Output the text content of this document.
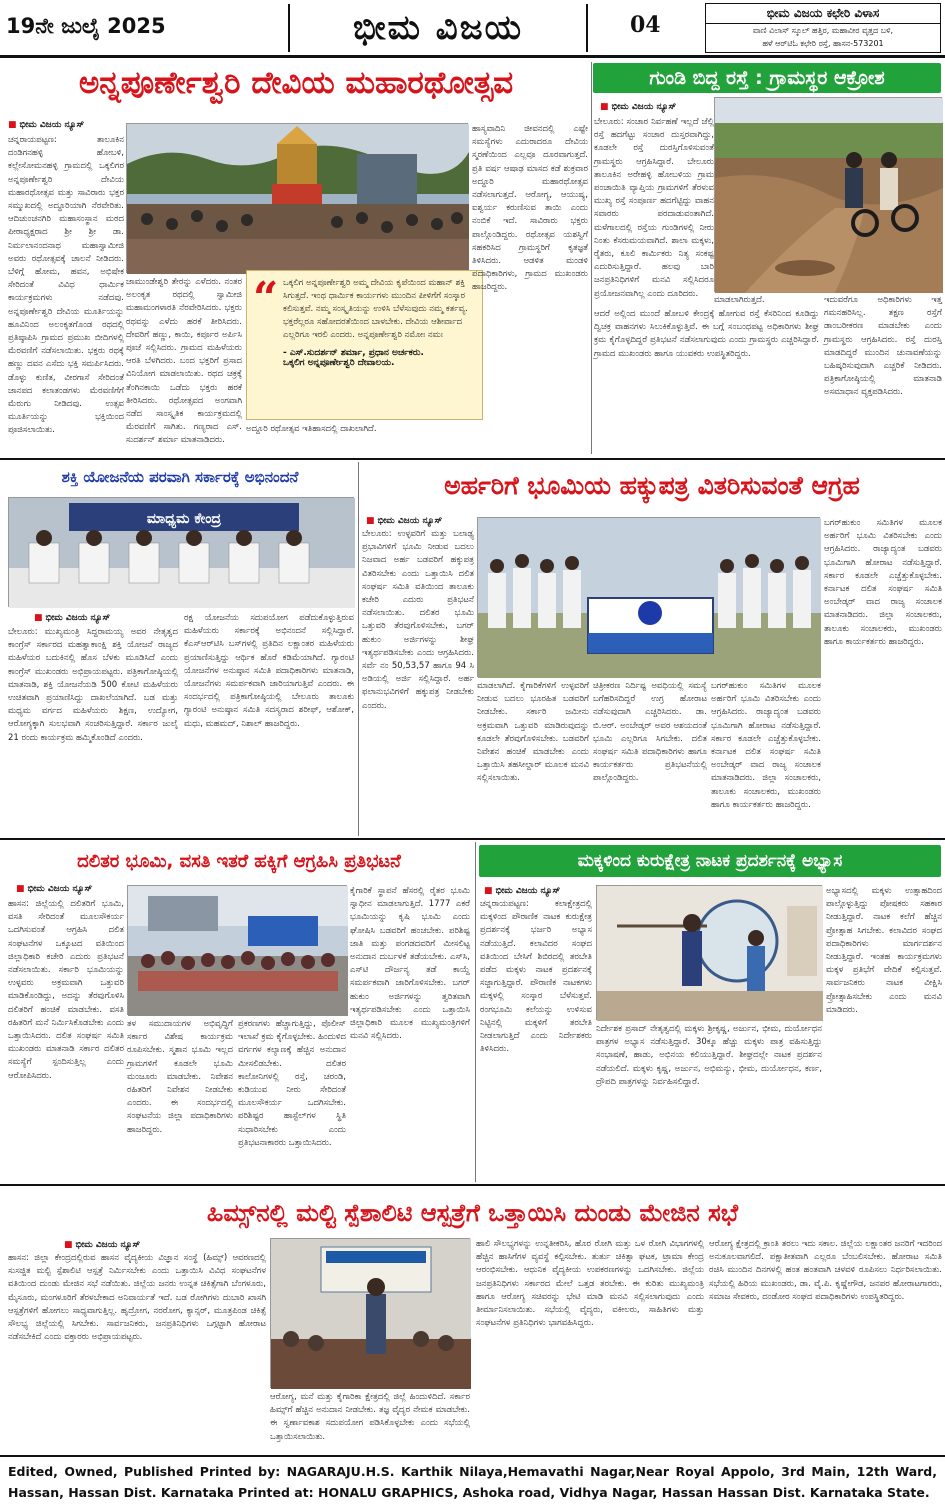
19ನೇ ಜುಲೈ 2025	ಭೀಮ ವಿಜಯ	04	ಭೀಮ ವಿಜಯ ಕಛೇರಿ ವಿಳಾಸ
ವಾಣಿ ವಿಲಾಸ್ ಸ್ಕೂಲ್ ಹತ್ತಿರ, ಮಹಾವೀರ ವೃತ್ತದ ಬಳಿ,
ಹಳೆ ಆರ್‌ಟಿಓ ಕಛೇರಿ ರಸ್ತೆ, ಹಾಸನ-573201
ಅನ್ನಪೂರ್ಣೇಶ್ವರಿ ದೇವಿಯ ಮಹಾರಥೋತ್ಸವ
■ ಭೀಮ ವಿಜಯ ನ್ಯೂಸ್
ಚನ್ನರಾಯಪಟ್ಟಣ: ತಾಲೂಕಿನ ದಂಡಿಗನಹಳ್ಳಿ ಹೋಬಳಿ, ಕಲ್ಲೇಸೋಮನಹಳ್ಳಿ ಗ್ರಾಮದಲ್ಲಿ ಒಕ್ಕಲಿಗರ ಅನ್ನಪೂರ್ಣೇಶ್ವರಿ ದೇವಿಯ ಮಹಾರಥೋತ್ಸವ ಮತ್ತು ಸಾವಿರಾರು ಭಕ್ತರ ಸಮ್ಮುಖದಲ್ಲಿ ಅದ್ಧೂರಿಯಾಗಿ ನೆರವೇರಿತು. ಆದಿಚುಂಚನಗಿರಿ ಮಹಾಸಂಸ್ಥಾನ ಮಠದ ಪೀಠಾಧ್ಯಕ್ಷರಾದ ಶ್ರೀ ಶ್ರೀ ಡಾ. ನಿರ್ಮಲಾನಂದನಾಥ ಮಹಾಸ್ವಾಮೀಜಿ ಅವರು ರಥೋತ್ಸವಕ್ಕೆ ಚಾಲನೆ ನೀಡಿದರು. ಬೆಳಿಗ್ಗೆ ಹೋಮ, ಹವನ, ಅಭಿಷೇಕ ಸೇರಿದಂತೆ ವಿವಿಧ ಧಾರ್ಮಿಕ ಕಾರ್ಯಕ್ರಮಗಳು ನಡೆದವು. ಅನ್ನಪೂರ್ಣೇಶ್ವರಿ ದೇವಿಯ ಮೂರ್ತಿಯನ್ನು ಹೂವಿನಿಂದ ಅಲಂಕೃತಗೊಂಡ ರಥದಲ್ಲಿ ಪ್ರತಿಷ್ಠಾಪಿಸಿ ಗ್ರಾಮದ ಪ್ರಮುಖ ಬೀದಿಗಳಲ್ಲಿ ಮೆರವಣಿಗೆ ನಡೆಸಲಾಯಿತು. ಭಕ್ತರು ರಥಕ್ಕೆ ಹಣ್ಣು ದವನ ಎಸೆದು ಭಕ್ತಿ ಸಮರ್ಪಿಸಿದರು. ಡೊಳ್ಳು ಕುಣಿತ, ವೀರಗಾಸೆ ಸೇರಿದಂತೆ ಜಾನಪದ ಕಲಾತಂಡಗಳು ಮೆರವಣಿಗೆಗೆ ಮೆರುಗು ನೀಡಿದವು. ಉತ್ಸವ ಮೂರ್ತಿಯನ್ನು ಭಕ್ತಿಯಿಂದ ಪೂಜಿಸಲಾಯಿತು.
ಜಾಮುಂಡೇಶ್ವರಿ ತೇರನ್ನು ಎಳೆದರು. ನಂತರ ಅಲಂಕೃತ ರಥದಲ್ಲಿ ಸ್ವಾಮೀಜಿ ಮಹಾಮಂಗಳಾರತಿ ನೆರವೇರಿಸಿದರು. ಭಕ್ತರು ರಥವನ್ನು ಎಳೆದು ಹರಕೆ ತೀರಿಸಿದರು. ದೇವರಿಗೆ ಹಣ್ಣು, ಕಾಯಿ, ಕರ್ಪೂರ ಅರ್ಪಿಸಿ ಪೂಜೆ ಸಲ್ಲಿಸಿದರು. ಗ್ರಾಮದ ಮಹಿಳೆಯರು ಆರತಿ ಬೆಳಗಿದರು. ಬಂದ ಭಕ್ತರಿಗೆ ಪ್ರಸಾದ ವಿನಿಯೋಗ ಮಾಡಲಾಯಿತು. ರಥದ ಚಕ್ರಕ್ಕೆ ತೆಂಗಿನಕಾಯಿ ಒಡೆದು ಭಕ್ತರು ಹರಕೆ ತೀರಿಸಿದರು. ರಥೋತ್ಸವದ ಅಂಗವಾಗಿ ನಡೆದ ಸಾಂಸ್ಕೃತಿಕ ಕಾರ್ಯಕ್ರಮದಲ್ಲಿ ಮೆರವಣಿಗೆ ಸಾಗಿತು. ಗಣ್ಯರಾದ ಎಸ್. ಸುದರ್ಶನ್ ಶರ್ಮಾ ಮಾತನಾಡಿದರು.
“ ಒಕ್ಕಲಿಗ ಅನ್ನಪೂರ್ಣೇಶ್ವರಿ ಅಮ್ಮ ದೇವಿಯ ಕೃಪೆಯಿಂದ ಮಹಾನ್ ಶಕ್ತಿ ಸಿಗುತ್ತದೆ. ಇಂಥ ಧಾರ್ಮಿಕ ಕಾರ್ಯಗಳು ಮುಂದಿನ ಪೀಳಿಗೆಗೆ ಸಂಸ್ಕಾರ ಕಲಿಸುತ್ತವೆ. ನಮ್ಮ ಸಂಸ್ಕೃತಿಯನ್ನು ಉಳಿಸಿ ಬೆಳೆಸುವುದು ನಮ್ಮ ಕರ್ತವ್ಯ. ಭಕ್ತರೆಲ್ಲರೂ ಸಹೋದರತೆಯಿಂದ ಬಾಳಬೇಕು. ದೇವಿಯ ಆಶೀರ್ವಾದ ಎಲ್ಲರಿಗೂ ಇರಲಿ ಎಂದರು. ಅನ್ನಪೂರ್ಣೇಶ್ವರಿ ನಮೋಃ ನಮಃ
- ಎಸ್.ಸುದರ್ಶನ್ ಶರ್ಮಾ, ಪ್ರಧಾನ ಅರ್ಚಕರು.
ಒಕ್ಕಲಿಗ ಅನ್ನಪೂರ್ಣೇಶ್ವರಿ ದೇವಾಲಯ.
ಅದ್ದೂರಿ ರಥೋತ್ಸವ ಇತಿಹಾಸದಲ್ಲಿ ದಾಖಲಾಗಿದೆ.
ಹಾಸ್ಯವಾದಿನಿ ಜೀವನದಲ್ಲಿ ಎಷ್ಟೇ ಸಮಸ್ಯೆಗಳು ಎದುರಾದರೂ ದೇವಿಯ ಸ್ಮರಣೆಯಿಂದ ಎಲ್ಲವೂ ದೂರವಾಗುತ್ತದೆ. ಪ್ರತಿ ವರ್ಷ ಆಷಾಢ ಮಾಸದ ಕಡೆ ಶುಕ್ರವಾರ ಅದ್ಧೂರಿ ಮಹಾರಥೋತ್ಸವ ನಡೆಸಲಾಗುತ್ತದೆ. ಆರೋಗ್ಯ, ಆಯುಷ್ಯ, ಐಶ್ವರ್ಯ ಕರುಣಿಸುವ ತಾಯಿ ಎಂದು ನಂಬಿಕೆ ಇದೆ. ಸಾವಿರಾರು ಭಕ್ತರು ಪಾಲ್ಗೊಂಡಿದ್ದರು. ರಥೋತ್ಸವ ಯಶಸ್ವಿಗೆ ಸಹಕರಿಸಿದ ಗ್ರಾಮಸ್ಥರಿಗೆ ಕೃತಜ್ಞತೆ ತಿಳಿಸಿದರು. ಆಡಳಿತ ಮಂಡಳಿ ಪದಾಧಿಕಾರಿಗಳು, ಗ್ರಾಮದ ಮುಖಂಡರು ಹಾಜರಿದ್ದರು.
ಗುಂಡಿ ಬಿದ್ದ ರಸ್ತೆ : ಗ್ರಾಮಸ್ಥರ ಆಕ್ರೋಶ
■ ಭೀಮ ವಿಜಯ ನ್ಯೂಸ್
ಬೇಲೂರು: ಸಂಚಾರ ನಿರ್ವಹಣೆ ಇಲ್ಲದೆ ಜೆಲ್ಲಿ ರಸ್ತೆ ಹದಗೆಟ್ಟು ಸಂಚಾರ ದುಸ್ತರವಾಗಿದ್ದು, ಕೂಡಲೇ ರಸ್ತೆ ದುರಸ್ತಿಗೊಳಿಸುವಂತೆ ಗ್ರಾಮಸ್ಥರು ಆಗ್ರಹಿಸಿದ್ದಾರೆ. ಬೇಲೂರು ತಾಲೂಕಿನ ಅರೇಹಳ್ಳಿ ಹೋಬಳಿಯ ಗ್ರಾಮ ಪಂಚಾಯಿತಿ ವ್ಯಾಪ್ತಿಯ ಗ್ರಾಮಗಳಿಗೆ ತೆರಳುವ ಮುಖ್ಯ ರಸ್ತೆ ಸಂಪೂರ್ಣ ಹದಗೆಟ್ಟಿದ್ದು ವಾಹನ ಸವಾರರು ಪರದಾಡುವಂತಾಗಿದೆ. ಮಳೆಗಾಲದಲ್ಲಿ ರಸ್ತೆಯ ಗುಂಡಿಗಳಲ್ಲಿ ನೀರು ನಿಂತು ಕೆಸರುಮಯವಾಗಿದೆ. ಶಾಲಾ ಮಕ್ಕಳು, ರೈತರು, ಕೂಲಿ ಕಾರ್ಮಿಕರು ನಿತ್ಯ ಸಂಕಷ್ಟ ಎದುರಿಸುತ್ತಿದ್ದಾರೆ. ಹಲವು ಬಾರಿ ಜನಪ್ರತಿನಿಧಿಗಳಿಗೆ ಮನವಿ ಸಲ್ಲಿಸಿದರೂ ಪ್ರಯೋಜನವಾಗಿಲ್ಲ ಎಂದು ದೂರಿದರು.
ಮಾಡಲಾಗಿರುತ್ತದೆ.
ಆದರೆ ಅಲ್ಲಿಂದ ಮುಂದೆ ಹೋಬಳಿ ಕೇಂದ್ರಕ್ಕೆ ಹೋಗುವ ರಸ್ತೆ ಕೆಸರಿನಿಂದ ಕೂಡಿದ್ದು ದ್ವಿಚಕ್ರ ವಾಹನಗಳು ಸಿಲುಕಿಕೊಳ್ಳುತ್ತಿವೆ. ಈ ಬಗ್ಗೆ ಸಂಬಂಧಪಟ್ಟ ಅಧಿಕಾರಿಗಳು ಶೀಘ್ರ ಕ್ರಮ ಕೈಗೊಳ್ಳದಿದ್ದರೆ ಪ್ರತಿಭಟನೆ ನಡೆಸಲಾಗುವುದು ಎಂದು ಗ್ರಾಮಸ್ಥರು ಎಚ್ಚರಿಸಿದ್ದಾರೆ. ಗ್ರಾಮದ ಮುಖಂಡರು ಹಾಗೂ ಯುವಕರು ಉಪಸ್ಥಿತರಿದ್ದರು.
ಇದುವರೆಗೂ ಅಧಿಕಾರಿಗಳು ಇತ್ತ ಗಮನಹರಿಸಿಲ್ಲ. ತಕ್ಷಣ ರಸ್ತೆಗೆ ಡಾಂಬರೀಕರಣ ಮಾಡಬೇಕು ಎಂದು ಗ್ರಾಮಸ್ಥರು ಆಗ್ರಹಿಸಿದರು. ರಸ್ತೆ ದುರಸ್ತಿ ಮಾಡದಿದ್ದರೆ ಮುಂದಿನ ಚುನಾವಣೆಯನ್ನು ಬಹಿಷ್ಕರಿಸುವುದಾಗಿ ಎಚ್ಚರಿಕೆ ನೀಡಿದರು. ಪತ್ರಿಕಾಗೋಷ್ಠಿಯಲ್ಲಿ ಮಾತನಾಡಿ ಅಸಮಾಧಾನ ವ್ಯಕ್ತಪಡಿಸಿದರು.
ಶಕ್ತಿ ಯೋಜನೆಯ ಪರವಾಗಿ ಸರ್ಕಾರಕ್ಕೆ ಅಭಿನಂದನೆ
ಮಾಧ್ಯಮ ಕೇಂದ್ರ
■ ಭೀಮ ವಿಜಯ ನ್ಯೂಸ್
ಬೇಲೂರು: ಮುಖ್ಯಮಂತ್ರಿ ಸಿದ್ದರಾಮಯ್ಯ ಅವರ ನೇತೃತ್ವದ ಕಾಂಗ್ರೆಸ್ ಸರ್ಕಾರದ ಮಹತ್ವಾಕಾಂಕ್ಷಿ ಶಕ್ತಿ ಯೋಜನೆ ರಾಜ್ಯದ ಮಹಿಳೆಯರ ಬದುಕಿನಲ್ಲಿ ಹೊಸ ಬೆಳಕು ಮೂಡಿಸಿದೆ ಎಂದು ಕಾಂಗ್ರೆಸ್ ಮುಖಂಡರು ಅಭಿಪ್ರಾಯಪಟ್ಟರು. ಪತ್ರಿಕಾಗೋಷ್ಠಿಯಲ್ಲಿ ಮಾತನಾಡಿ, ಶಕ್ತಿ ಯೋಜನೆಯಡಿ 500 ಕೋಟಿ ಮಹಿಳೆಯರು ಉಚಿತವಾಗಿ ಪ್ರಯಾಣಿಸಿದ್ದು ದಾಖಲೆಯಾಗಿದೆ. ಬಡ ಮತ್ತು ಮಧ್ಯಮ ವರ್ಗದ ಮಹಿಳೆಯರು ಶಿಕ್ಷಣ, ಉದ್ಯೋಗ, ಆರೋಗ್ಯಕ್ಕಾಗಿ ಸುಲಭವಾಗಿ ಸಂಚರಿಸುತ್ತಿದ್ದಾರೆ. ಸರ್ಕಾರ ಜುಲೈ 21 ರಂದು ಕಾರ್ಯಕ್ರಮ ಹಮ್ಮಿಕೊಂಡಿದೆ ಎಂದರು.
ರಕ್ಷ ಯೋಜನೆಯ ಸದುಪಯೋಗ ಪಡೆದುಕೊಳ್ಳುತ್ತಿರುವ ಮಹಿಳೆಯರು ಸರ್ಕಾರಕ್ಕೆ ಅಭಿನಂದನೆ ಸಲ್ಲಿಸಿದ್ದಾರೆ. ಕೆಎಸ್‌ಆರ್‌ಟಿಸಿ ಬಸ್‌ಗಳಲ್ಲಿ ಪ್ರತಿದಿನ ಲಕ್ಷಾಂತರ ಮಹಿಳೆಯರು ಪ್ರಯಾಣಿಸುತ್ತಿದ್ದು ಆರ್ಥಿಕ ಹೊರೆ ಕಡಿಮೆಯಾಗಿದೆ. ಗ್ಯಾರಂಟಿ ಯೋಜನೆಗಳ ಅನುಷ್ಠಾನ ಸಮಿತಿ ಪದಾಧಿಕಾರಿಗಳು ಮಾತನಾಡಿ, ಯೋಜನೆಗಳು ಸಮರ್ಪಕವಾಗಿ ಜಾರಿಯಾಗುತ್ತಿವೆ ಎಂದರು. ಈ ಸಂದರ್ಭದಲ್ಲಿ ಪತ್ರಿಕಾಗೋಷ್ಠಿಯಲ್ಲಿ ಬೇಲೂರು ತಾಲೂಕು ಗ್ಯಾರಂಟಿ ಅನುಷ್ಠಾನ ಸಮಿತಿ ಸದಸ್ಯರಾದ ಶರೀಫ್, ಆಶೋಕ್, ಮಧು, ಮಹಮದ್, ನಿಶಾಲ್ ಹಾಜರಿದ್ದರು.
ಅರ್ಹರಿಗೆ ಭೂಮಿಯ ಹಕ್ಕುಪತ್ರ ವಿತರಿಸುವಂತೆ ಆಗ್ರಹ
■ ಭೀಮ ವಿಜಯ ನ್ಯೂಸ್
ಬೇಲೂರು: ಉಳ್ಳವರಿಗೆ ಮತ್ತು ಬಲಾಢ್ಯ ಪ್ರಭಾವಿಗಳಿಗೆ ಭೂಮಿ ನೀಡುವ ಬದಲು ನಿಜವಾದ ಅರ್ಹ ಬಡವರಿಗೆ ಹಕ್ಕುಪತ್ರ ವಿತರಿಸಬೇಕು ಎಂದು ಒತ್ತಾಯಿಸಿ ದಲಿತ ಸಂಘರ್ಷ ಸಮಿತಿ ವತಿಯಿಂದ ತಾಲೂಕು ಕಚೇರಿ ಎದುರು ಪ್ರತಿಭಟನೆ ನಡೆಸಲಾಯಿತು. ದಲಿತರ ಭೂಮಿ ಒತ್ತುವರಿ ತೆರವುಗೊಳಿಸಬೇಕು, ಬಗರ್ ಹುಕುಂ ಅರ್ಜಿಗಳನ್ನು ಶೀಘ್ರ ಇತ್ಯರ್ಥಪಡಿಸಬೇಕು ಎಂದು ಆಗ್ರಹಿಸಿದರು. ಸರ್ವೆ ನಂ 50,53,57 ಹಾಗೂ 94 ಸಿ ಅಡಿಯಲ್ಲಿ ಅರ್ಜಿ ಸಲ್ಲಿಸಿದ್ದಾರೆ. ಅರ್ಹ ಫಲಾನುಭವಿಗಳಿಗೆ ಹಕ್ಕುಪತ್ರ ನೀಡಬೇಕು ಎಂದರು.
ಮಾಡಲಾಗಿದೆ. ಕೈಗಾರಿಕೆಗಳಿಗೆ ಉಳ್ಳವರಿಗೆ ನೀಡುವ ಬದಲು ಭೂರಹಿತ ಬಡವರಿಗೆ ನೀಡಬೇಕು. ಸರ್ಕಾರಿ ಜಮೀನು ಅಕ್ರಮವಾಗಿ ಒತ್ತುವರಿ ಮಾಡಿರುವುದನ್ನು ಕೂಡಲೇ ತೆರವುಗೊಳಿಸಬೇಕು. ಬಡವರಿಗೆ ನಿವೇಶನ ಹಂಚಿಕೆ ಮಾಡಬೇಕು ಎಂದು ಒತ್ತಾಯಿಸಿ ತಹಸೀಲ್ದಾರ್ ಮೂಲಕ ಮನವಿ ಸಲ್ಲಿಸಲಾಯಿತು.
ಚಿತ್ರೀಕರಣ ನಿರ್ದಿಷ್ಟ ಅವಧಿಯಲ್ಲಿ ಸಮಸ್ಯೆ ಬಗೆಹರಿಸದಿದ್ದರೆ ಉಗ್ರ ಹೋರಾಟ ನಡೆಸುವುದಾಗಿ ಎಚ್ಚರಿಸಿದರು. ಡಾ. ಬಿ.ಆರ್. ಅಂಬೇಡ್ಕರ್ ಅವರ ಆಶಯದಂತೆ ಭೂಮಿ ಎಲ್ಲರಿಗೂ ಸಿಗಬೇಕು. ದಲಿತ ಸಂಘರ್ಷ ಸಮಿತಿ ಪದಾಧಿಕಾರಿಗಳು ಹಾಗೂ ಕಾರ್ಯಕರ್ತರು ಪ್ರತಿಭಟನೆಯಲ್ಲಿ ಪಾಲ್ಗೊಂಡಿದ್ದರು.
ಬಗರ್‌ಹುಕುಂ ಸಮಿತಿಗಳ ಮೂಲಕ ಅರ್ಹರಿಗೆ ಭೂಮಿ ವಿತರಿಸಬೇಕು ಎಂದು ಆಗ್ರಹಿಸಿದರು. ರಾಜ್ಯಾದ್ಯಂತ ಬಡವರು ಭೂಮಿಗಾಗಿ ಹೋರಾಟ ನಡೆಸುತ್ತಿದ್ದಾರೆ. ಸರ್ಕಾರ ಕೂಡಲೇ ಎಚ್ಚೆತ್ತುಕೊಳ್ಳಬೇಕು. ಕರ್ನಾಟಕ ದಲಿತ ಸಂಘರ್ಷ ಸಮಿತಿ ಅಂಬೇಡ್ಕರ್ ವಾದ ರಾಜ್ಯ ಸಂಚಾಲಕ ಮಾತನಾಡಿದರು. ಜಿಲ್ಲಾ ಸಂಚಾಲಕರು, ತಾಲೂಕು ಸಂಚಾಲಕರು, ಮುಖಂಡರು ಹಾಗೂ ಕಾರ್ಯಕರ್ತರು ಹಾಜರಿದ್ದರು.
ಬಗರ್‌ಹುಕುಂ ಸಮಿತಿಗಳ ಮೂಲಕ ಅರ್ಹರಿಗೆ ಭೂಮಿ ವಿತರಿಸಬೇಕು ಎಂದು ಆಗ್ರಹಿಸಿದರು. ರಾಜ್ಯಾದ್ಯಂತ ಬಡವರು ಭೂಮಿಗಾಗಿ ಹೋರಾಟ ನಡೆಸುತ್ತಿದ್ದಾರೆ. ಸರ್ಕಾರ ಕೂಡಲೇ ಎಚ್ಚೆತ್ತುಕೊಳ್ಳಬೇಕು. ಕರ್ನಾಟಕ ದಲಿತ ಸಂಘರ್ಷ ಸಮಿತಿ ಅಂಬೇಡ್ಕರ್ ವಾದ ರಾಜ್ಯ ಸಂಚಾಲಕ ಮಾತನಾಡಿದರು. ಜಿಲ್ಲಾ ಸಂಚಾಲಕರು, ತಾಲೂಕು ಸಂಚಾಲಕರು, ಮುಖಂಡರು ಹಾಗೂ ಕಾರ್ಯಕರ್ತರು ಹಾಜರಿದ್ದರು.
ದಲಿತರ ಭೂಮಿ, ವಸತಿ ಇತರೆ ಹಕ್ಕಿಗೆ ಆಗ್ರಹಿಸಿ ಪ್ರತಿಭಟನೆ
■ ಭೀಮ ವಿಜಯ ನ್ಯೂಸ್
ಹಾಸನ: ಜಿಲ್ಲೆಯಲ್ಲಿ ದಲಿತರಿಗೆ ಭೂಮಿ, ವಸತಿ ಸೇರಿದಂತೆ ಮೂಲಸೌಕರ್ಯ ಒದಗಿಸುವಂತೆ ಆಗ್ರಹಿಸಿ ದಲಿತ ಸಂಘಟನೆಗಳ ಒಕ್ಕೂಟದ ವತಿಯಿಂದ ಜಿಲ್ಲಾಧಿಕಾರಿ ಕಚೇರಿ ಎದುರು ಪ್ರತಿಭಟನೆ ನಡೆಸಲಾಯಿತು. ಸರ್ಕಾರಿ ಭೂಮಿಯನ್ನು ಉಳ್ಳವರು ಅಕ್ರಮವಾಗಿ ಒತ್ತುವರಿ ಮಾಡಿಕೊಂಡಿದ್ದು, ಅದನ್ನು ತೆರವುಗೊಳಿಸಿ ದಲಿತರಿಗೆ ಹಂಚಿಕೆ ಮಾಡಬೇಕು. ವಸತಿ ರಹಿತರಿಗೆ ಮನೆ ನಿರ್ಮಿಸಿಕೊಡಬೇಕು ಎಂದು ಒತ್ತಾಯಿಸಿದರು. ದಲಿತ ಸಂಘರ್ಷ ಸಮಿತಿ ಮುಖಂಡರು ಮಾತನಾಡಿ ಸರ್ಕಾರ ದಲಿತರ ಸಮಸ್ಯೆಗೆ ಸ್ಪಂದಿಸುತ್ತಿಲ್ಲ ಎಂದು ಆರೋಪಿಸಿದರು.
ಕೈಗಾರಿಕೆ ಸ್ಥಾಪನೆ ಹೆಸರಲ್ಲಿ ರೈತರ ಭೂಮಿ ಸ್ವಾಧೀನ ಮಾಡಲಾಗುತ್ತಿದೆ. 1777 ಎಕರೆ ಭೂಮಿಯನ್ನು ಕೃಷಿ ಭೂಮಿ ಎಂದು ಘೋಷಿಸಿ ಬಡವರಿಗೆ ಹಂಚಬೇಕು. ಪರಿಶಿಷ್ಟ ಜಾತಿ ಮತ್ತು ಪಂಗಡದವರಿಗೆ ಮೀಸಲಿಟ್ಟ ಅನುದಾನ ದುರ್ಬಳಕೆ ತಡೆಯಬೇಕು. ಎಸ್‌ಸಿ, ಎಸ್‌ಟಿ ದೌರ್ಜನ್ಯ ತಡೆ ಕಾಯ್ದೆ ಸಮರ್ಪಕವಾಗಿ ಜಾರಿಗೊಳಿಸಬೇಕು. ಬಗರ್ ಹುಕುಂ ಅರ್ಜಿಗಳನ್ನು ತ್ವರಿತವಾಗಿ ಇತ್ಯರ್ಥಪಡಿಸಬೇಕು ಎಂದು ಒತ್ತಾಯಿಸಿ ಜಿಲ್ಲಾಧಿಕಾರಿ ಮೂಲಕ ಮುಖ್ಯಮಂತ್ರಿಗಳಿಗೆ ಮನವಿ ಸಲ್ಲಿಸಿದರು.
ತಳ ಸಮುದಾಯಗಳ ಅಭಿವೃದ್ಧಿಗೆ ಸರ್ಕಾರ ವಿಶೇಷ ಕಾರ್ಯಕ್ರಮ ರೂಪಿಸಬೇಕು. ಸ್ಮಶಾನ ಭೂಮಿ ಇಲ್ಲದ ಗ್ರಾಮಗಳಿಗೆ ಕೂಡಲೇ ಭೂಮಿ ಮಂಜೂರು ಮಾಡಬೇಕು. ನಿವೇಶನ ರಹಿತರಿಗೆ ನಿವೇಶನ ನೀಡಬೇಕು ಎಂದರು. ಈ ಸಂದರ್ಭದಲ್ಲಿ ಸಂಘಟನೆಯ ಜಿಲ್ಲಾ ಪದಾಧಿಕಾರಿಗಳು ಹಾಜರಿದ್ದರು.
ಪ್ರಕರಣಗಳು ಹೆಚ್ಚಾಗುತ್ತಿದ್ದು, ಪೊಲೀಸ್ ಇಲಾಖೆ ಕ್ರಮ ಕೈಗೊಳ್ಳಬೇಕು. ಹಿಂದುಳಿದ ವರ್ಗಗಳ ಕಲ್ಯಾಣಕ್ಕೆ ಹೆಚ್ಚಿನ ಅನುದಾನ ಮೀಸಲಿಡಬೇಕು. ದಲಿತರ ಕಾಲೋನಿಗಳಲ್ಲಿ ರಸ್ತೆ, ಚರಂಡಿ, ಕುಡಿಯುವ ನೀರು ಸೇರಿದಂತೆ ಮೂಲಸೌಕರ್ಯ ಒದಗಿಸಬೇಕು. ಪರಿಶಿಷ್ಟರ ಹಾಸ್ಟೆಲ್‌ಗಳ ಸ್ಥಿತಿ ಸುಧಾರಿಸಬೇಕು ಎಂದು ಪ್ರತಿಭಟನಾಕಾರರು ಒತ್ತಾಯಿಸಿದರು.
ಮಕ್ಕಳಿಂದ ಕುರುಕ್ಷೇತ್ರ ನಾಟಕ ಪ್ರದರ್ಶನಕ್ಕೆ ಅಭ್ಯಾಸ
■ ಭೀಮ ವಿಜಯ ನ್ಯೂಸ್
ಚನ್ನರಾಯಪಟ್ಟಣ: ಕಲಾಕ್ಷೇತ್ರದಲ್ಲಿ ಮಕ್ಕಳಿಂದ ಪೌರಾಣಿಕ ನಾಟಕ ಕುರುಕ್ಷೇತ್ರ ಪ್ರದರ್ಶನಕ್ಕೆ ಭರ್ಜರಿ ಅಭ್ಯಾಸ ನಡೆಯುತ್ತಿದೆ. ಕಲಾವಿದರ ಸಂಘದ ವತಿಯಿಂದ ಬೇಸಿಗೆ ಶಿಬಿರದಲ್ಲಿ ತರಬೇತಿ ಪಡೆದ ಮಕ್ಕಳು ನಾಟಕ ಪ್ರದರ್ಶನಕ್ಕೆ ಸಜ್ಜಾಗುತ್ತಿದ್ದಾರೆ. ಪೌರಾಣಿಕ ನಾಟಕಗಳು ಮಕ್ಕಳಲ್ಲಿ ಸಂಸ್ಕಾರ ಬೆಳೆಸುತ್ತವೆ. ರಂಗಭೂಮಿ ಕಲೆಯನ್ನು ಉಳಿಸುವ ನಿಟ್ಟಿನಲ್ಲಿ ಮಕ್ಕಳಿಗೆ ತರಬೇತಿ ನೀಡಲಾಗುತ್ತಿದೆ ಎಂದು ನಿರ್ದೇಶಕರು ತಿಳಿಸಿದರು.
ನಿರ್ದೇಶಕ ಪ್ರಸಾದ್ ನೇತೃತ್ವದಲ್ಲಿ ಮಕ್ಕಳು ಶ್ರೀಕೃಷ್ಣ, ಅರ್ಜುನ, ಭೀಮ, ದುರ್ಯೋಧನ ಪಾತ್ರಗಳ ಅಭ್ಯಾಸ ನಡೆಸುತ್ತಿದ್ದಾರೆ. 30ಕ್ಕೂ ಹೆಚ್ಚು ಮಕ್ಕಳು ಪಾತ್ರ ವಹಿಸುತ್ತಿದ್ದು ಸಂಭಾಷಣೆ, ಹಾಡು, ಅಭಿನಯ ಕಲಿಯುತ್ತಿದ್ದಾರೆ. ಶೀಘ್ರದಲ್ಲೇ ನಾಟಕ ಪ್ರದರ್ಶನ ನಡೆಯಲಿದೆ. ಮಕ್ಕಳು ಕೃಷ್ಣ, ಅರ್ಜುನ, ಅಭಿಮನ್ಯು, ಭೀಮ, ದುರ್ಯೋಧನ, ಕರ್ಣ, ದ್ರೌಪದಿ ಪಾತ್ರಗಳನ್ನು ನಿರ್ವಹಿಸಲಿದ್ದಾರೆ.
ಅಭ್ಯಾಸದಲ್ಲಿ ಮಕ್ಕಳು ಉತ್ಸಾಹದಿಂದ ಪಾಲ್ಗೊಳ್ಳುತ್ತಿದ್ದು ಪೋಷಕರು ಸಹಕಾರ ನೀಡುತ್ತಿದ್ದಾರೆ. ನಾಟಕ ಕಲೆಗೆ ಹೆಚ್ಚಿನ ಪ್ರೋತ್ಸಾಹ ಸಿಗಬೇಕು. ಕಲಾವಿದರ ಸಂಘದ ಪದಾಧಿಕಾರಿಗಳು ಮಾರ್ಗದರ್ಶನ ನೀಡುತ್ತಿದ್ದಾರೆ. ಇಂತಹ ಕಾರ್ಯಕ್ರಮಗಳು ಮಕ್ಕಳ ಪ್ರತಿಭೆಗೆ ವೇದಿಕೆ ಕಲ್ಪಿಸುತ್ತವೆ. ಸಾರ್ವಜನಿಕರು ನಾಟಕ ವೀಕ್ಷಿಸಿ ಪ್ರೋತ್ಸಾಹಿಸಬೇಕು ಎಂದು ಮನವಿ ಮಾಡಿದರು.
ಹಿಮ್ಸ್‌ನಲ್ಲಿ ಮಲ್ಟಿ ಸ್ಪೆಶಾಲಿಟಿ ಆಸ್ಪತ್ರೆಗೆ ಒತ್ತಾಯಿಸಿ ದುಂಡು ಮೇಜಿನ ಸಭೆ
■ ಭೀಮ ವಿಜಯ ನ್ಯೂಸ್
ಹಾಸನ: ಜಿಲ್ಲಾ ಕೇಂದ್ರದಲ್ಲಿರುವ ಹಾಸನ ವೈದ್ಯಕೀಯ ವಿಜ್ಞಾನ ಸಂಸ್ಥೆ (ಹಿಮ್ಸ್) ಆವರಣದಲ್ಲಿ ಸುಸಜ್ಜಿತ ಮಲ್ಟಿ ಸ್ಪೆಶಾಲಿಟಿ ಆಸ್ಪತ್ರೆ ನಿರ್ಮಿಸಬೇಕು ಎಂದು ಒತ್ತಾಯಿಸಿ ವಿವಿಧ ಸಂಘಟನೆಗಳ ವತಿಯಿಂದ ದುಂಡು ಮೇಜಿನ ಸಭೆ ನಡೆಯಿತು. ಜಿಲ್ಲೆಯ ಜನರು ಉನ್ನತ ಚಿಕಿತ್ಸೆಗಾಗಿ ಬೆಂಗಳೂರು, ಮೈಸೂರು, ಮಂಗಳೂರಿಗೆ ತೆರಳಬೇಕಾದ ಅನಿವಾರ್ಯತೆ ಇದೆ. ಬಡ ರೋಗಿಗಳು ದುಬಾರಿ ಖಾಸಗಿ ಆಸ್ಪತ್ರೆಗಳಿಗೆ ಹೋಗಲು ಸಾಧ್ಯವಾಗುತ್ತಿಲ್ಲ. ಹೃದ್ರೋಗ, ನರರೋಗ, ಕ್ಯಾನ್ಸರ್, ಮೂತ್ರಪಿಂಡ ಚಿಕಿತ್ಸೆ ಸೌಲಭ್ಯ ಜಿಲ್ಲೆಯಲ್ಲಿ ಸಿಗಬೇಕು. ಸಾರ್ವಜನಿಕರು, ಜನಪ್ರತಿನಿಧಿಗಳು ಒಗ್ಗಟ್ಟಾಗಿ ಹೋರಾಟ ನಡೆಸಬೇಕಿದೆ ಎಂದು ವಕ್ತಾರರು ಅಭಿಪ್ರಾಯಪಟ್ಟರು.
ಆರೋಗ್ಯ, ಮನೆ ಮತ್ತು ಕೈಗಾರಿಕಾ ಕ್ಷೇತ್ರದಲ್ಲಿ ಜಿಲ್ಲೆ ಹಿಂದುಳಿದಿದೆ. ಸರ್ಕಾರ ಹಿಮ್ಸ್‌ಗೆ ಹೆಚ್ಚಿನ ಅನುದಾನ ನೀಡಬೇಕು. ತಜ್ಞ ವೈದ್ಯರ ನೇಮಕ ಮಾಡಬೇಕು. ಈ ಸ್ವರ್ಣಾವಕಾಶ ಸದುಪಯೋಗ ಪಡಿಸಿಕೊಳ್ಳಬೇಕು ಎಂದು ಸಭೆಯಲ್ಲಿ ಒತ್ತಾಯಿಸಲಾಯಿತು.
ಹಾಲಿ ಸೌಲಭ್ಯಗಳನ್ನು ಉನ್ನತೀಕರಿಸಿ, ಹೊರ ರೋಗಿ ಮತ್ತು ಒಳ ರೋಗಿ ವಿಭಾಗಗಳಲ್ಲಿ ಹೆಚ್ಚಿನ ಹಾಸಿಗೆಗಳ ವ್ಯವಸ್ಥೆ ಕಲ್ಪಿಸಬೇಕು. ತುರ್ತು ಚಿಕಿತ್ಸಾ ಘಟಕ, ಟ್ರಾಮಾ ಕೇಂದ್ರ ಆರಂಭಿಸಬೇಕು. ಆಧುನಿಕ ವೈದ್ಯಕೀಯ ಉಪಕರಣಗಳನ್ನು ಒದಗಿಸಬೇಕು. ಜಿಲ್ಲೆಯ ಜನಪ್ರತಿನಿಧಿಗಳು ಸರ್ಕಾರದ ಮೇಲೆ ಒತ್ತಡ ತರಬೇಕು. ಈ ಕುರಿತು ಮುಖ್ಯಮಂತ್ರಿ ಹಾಗೂ ಆರೋಗ್ಯ ಸಚಿವರನ್ನು ಭೇಟಿ ಮಾಡಿ ಮನವಿ ಸಲ್ಲಿಸಲಾಗುವುದು ಎಂದು ತೀರ್ಮಾನಿಸಲಾಯಿತು. ಸಭೆಯಲ್ಲಿ ವೈದ್ಯರು, ವಕೀಲರು, ಸಾಹಿತಿಗಳು ಮತ್ತು ಸಂಘಟನೆಗಳ ಪ್ರತಿನಿಧಿಗಳು ಭಾಗವಹಿಸಿದ್ದರು.
ಆರೋಗ್ಯ ಕ್ಷೇತ್ರದಲ್ಲಿ ಕ್ರಾಂತಿ ತರಲು ಇದು ಸಕಾಲ. ಜಿಲ್ಲೆಯ ಲಕ್ಷಾಂತರ ಜನರಿಗೆ ಇದರಿಂದ ಅನುಕೂಲವಾಗಲಿದೆ. ಪಕ್ಷಾತೀತವಾಗಿ ಎಲ್ಲರೂ ಬೆಂಬಲಿಸಬೇಕು. ಹೋರಾಟ ಸಮಿತಿ ರಚಿಸಿ ಮುಂದಿನ ದಿನಗಳಲ್ಲಿ ಹಂತ ಹಂತವಾಗಿ ಚಳವಳಿ ರೂಪಿಸಲು ನಿರ್ಧರಿಸಲಾಯಿತು. ಸಭೆಯಲ್ಲಿ ಹಿರಿಯ ಮುಖಂಡರು, ಡಾ. ವೈ.ಪಿ. ಕೃಷ್ಣೇಗೌಡ, ಜನಪರ ಹೋರಾಟಗಾರರು, ಸಮಾಜ ಸೇವಕರು, ದಂಡೋರ ಸಂಘದ ಪದಾಧಿಕಾರಿಗಳು ಉಪಸ್ಥಿತರಿದ್ದರು.
Edited, Owned, Published Printed by: NAGARAJU.H.S. Karthik Nilaya,Hemavathi Nagar,Near Royal Appolo, 3rd Main, 12th Ward, Hassan, Hassan Dist. Karnataka Printed at: HONALU GRAPHICS, Ashoka road, Vidhya Nagar, Hassan Hassan Dist. Karnataka State.
